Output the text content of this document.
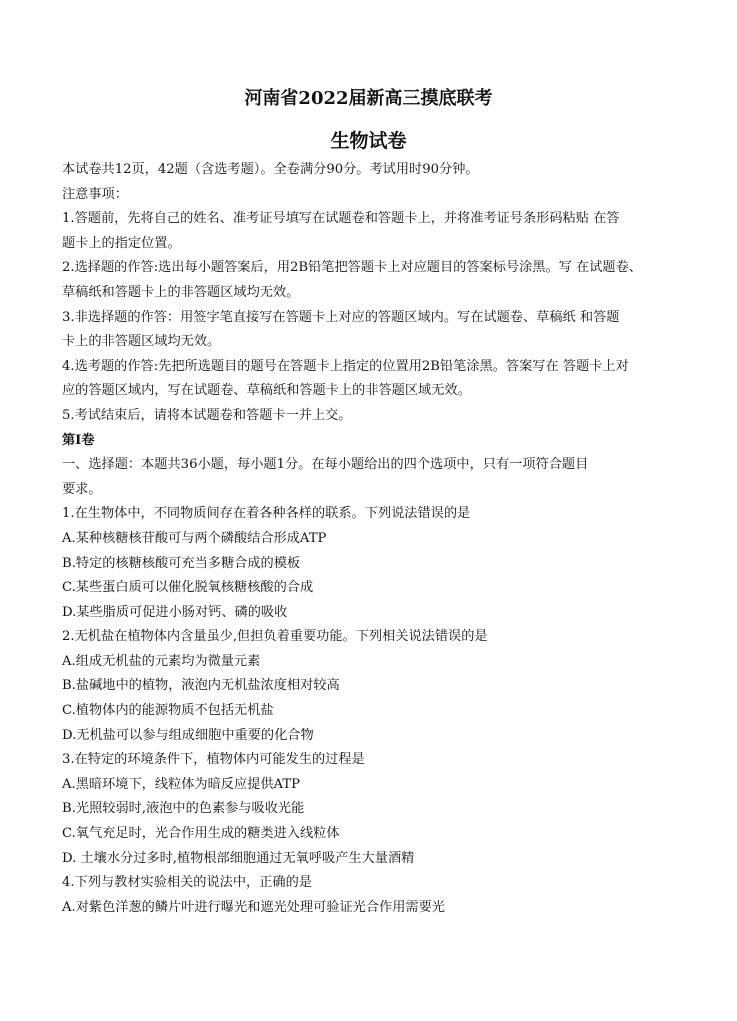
河南省2022届新高三摸底联考
生物试卷
本试卷共12页，42题（含选考题）。全卷满分90分。考试用时90分钟。
注意事项：
1.答题前，先将自己的姓名、准考证号填写在试题卷和答题卡上，并将准考证号条形码粘贴 在答
题卡上的指定位置。
2.选择题的作答:选出每小题答案后，用2B铅笔把答题卡上对应题目的答案标号涂黑。写 在试题卷、
草稿纸和答题卡上的非答题区域均无效。
3.非选择题的作答：用签字笔直接写在答题卡上对应的答题区域内。写在试题卷、草稿纸 和答题
卡上的非答题区域均无效。
4.选考题的作答:先把所选题目的题号在答题卡上指定的位置用2B铅笔涂黑。答案写在 答题卡上对
应的答题区域内，写在试题卷、草稿纸和答题卡上的非答题区域无效。
5.考试结束后，请将本试题卷和答题卡一并上交。
第I卷
一、选择题：本题共36小题，每小题1分。在每小题给出的四个选项中，只有一项符合题目
要求。
1.在生物体中，不同物质间存在着各种各样的联系。下列说法错误的是
A.某种核糖核苷酸可与两个磷酸结合形成ATP
B.特定的核糖核酸可充当多糖合成的模板
C.某些蛋白质可以催化脱氧核糖核酸的合成
D.某些脂质可促进小肠对钙、磷的吸收
2.无机盐在植物体内含量虽少,但担负着重要功能。下列相关说法错误的是
A.组成无机盐的元素均为微量元素
B.盐碱地中的植物，液泡内无机盐浓度相对较高
C.植物体内的能源物质不包括无机盐
D.无机盐可以参与组成细胞中重要的化合物
3.在特定的环境条件下，植物体内可能发生的过程是
A.黑暗环境下，线粒体为暗反应提供ATP
B.光照较弱时,液泡中的色素参与吸收光能
C.氧气充足时，光合作用生成的糖类进入线粒体
D. 土壤水分过多时,植物根部细胞通过无氧呼吸产生大量酒精
4.下列与教材实验相关的说法中，正确的是
A.对紫色洋葱的鳞片叶进行曝光和遮光处理可验证光合作用需要光
